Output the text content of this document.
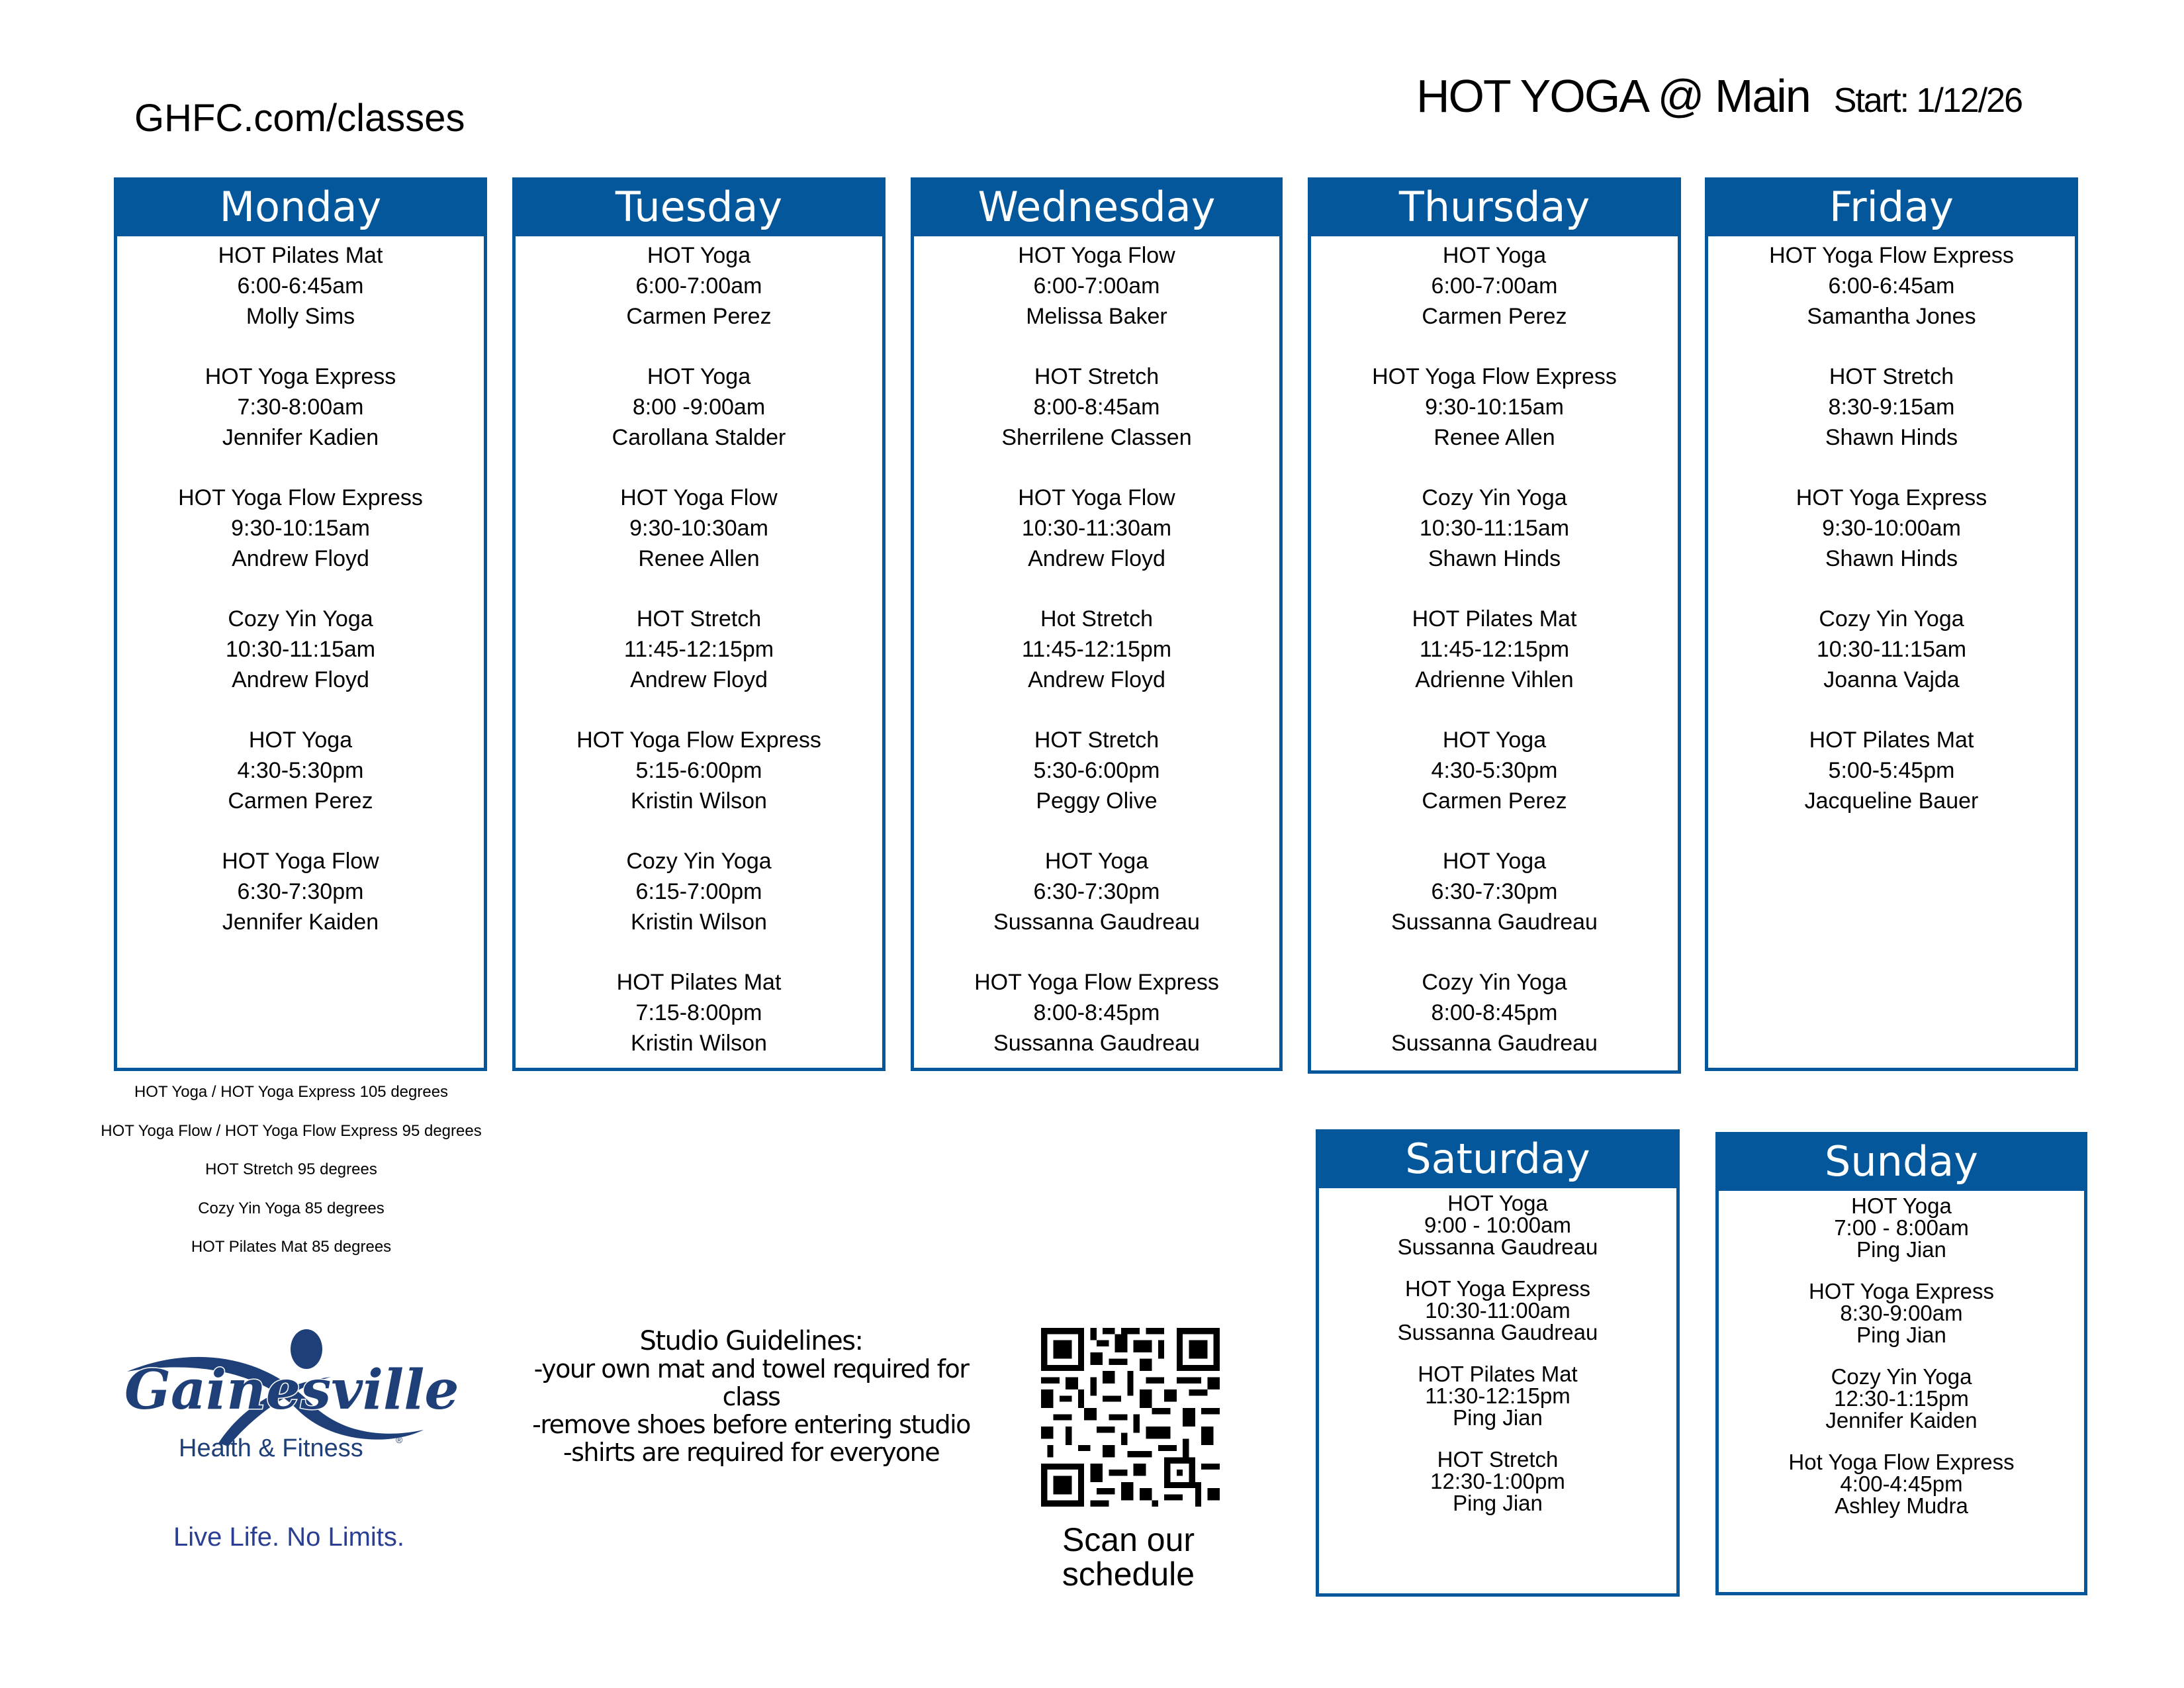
GHFC.com/classes	HOT YOGA @ Main Start: 1/12/26
Monday
HOT Pilates Mat
6:00-6:45am
Molly Sims
HOT Yoga Express
7:30-8:00am
Jennifer Kadien
HOT Yoga Flow Express
9:30-10:15am
Andrew Floyd
Cozy Yin Yoga
10:30-11:15am
Andrew Floyd
HOT Yoga
4:30-5:30pm
Carmen Perez
HOT Yoga Flow
6:30-7:30pm
Jennifer Kaiden
Tuesday
HOT Yoga
6:00-7:00am
Carmen Perez
HOT Yoga
8:00 -9:00am
Carollana Stalder
HOT Yoga Flow
9:30-10:30am
Renee Allen
HOT Stretch
11:45-12:15pm
Andrew Floyd
HOT Yoga Flow Express
5:15-6:00pm
Kristin Wilson
Cozy Yin Yoga
6:15-7:00pm
Kristin Wilson
HOT Pilates Mat
7:15-8:00pm
Kristin Wilson
Wednesday
HOT Yoga Flow
6:00-7:00am
Melissa Baker
HOT Stretch
8:00-8:45am
Sherrilene Classen
HOT Yoga Flow
10:30-11:30am
Andrew Floyd
Hot Stretch
11:45-12:15pm
Andrew Floyd
HOT Stretch
5:30-6:00pm
Peggy Olive
HOT Yoga
6:30-7:30pm
Sussanna Gaudreau
HOT Yoga Flow Express
8:00-8:45pm
Sussanna Gaudreau
Thursday
HOT Yoga
6:00-7:00am
Carmen Perez
HOT Yoga Flow Express
9:30-10:15am
Renee Allen
Cozy Yin Yoga
10:30-11:15am
Shawn Hinds
HOT Pilates Mat
11:45-12:15pm
Adrienne Vihlen
HOT Yoga
4:30-5:30pm
Carmen Perez
HOT Yoga
6:30-7:30pm
Sussanna Gaudreau
Cozy Yin Yoga
8:00-8:45pm
Sussanna Gaudreau
Friday
HOT Yoga Flow Express
6:00-6:45am
Samantha Jones
HOT Stretch
8:30-9:15am
Shawn Hinds
HOT Yoga Express
9:30-10:00am
Shawn Hinds
Cozy Yin Yoga
10:30-11:15am
Joanna Vajda
HOT Pilates Mat
5:00-5:45pm
Jacqueline Bauer
Saturday
HOT Yoga
9:00 - 10:00am
Sussanna Gaudreau
HOT Yoga Express
10:30-11:00am
Sussanna Gaudreau
HOT Pilates Mat
11:30-12:15pm
Ping Jian
HOT Stretch
12:30-1:00pm
Ping Jian
Sunday
HOT Yoga
7:00 - 8:00am
Ping Jian
HOT Yoga Express
8:30-9:00am
Ping Jian
Cozy Yin Yoga
12:30-1:15pm
Jennifer Kaiden
Hot Yoga Flow Express
4:00-4:45pm
Ashley Mudra
HOT Yoga / HOT Yoga Express 105 degrees
HOT Yoga Flow / HOT Yoga Flow Express 95 degrees
HOT Stretch 95 degrees
Cozy Yin Yoga 85 degrees
HOT Pilates Mat 85 degrees
Gainesville
Health & Fitness	®
Live Life. No Limits.
Studio Guidelines:
-your own mat and towel required for class
-remove shoes before entering studio
-shirts are required for everyone
Scan our
schedule
